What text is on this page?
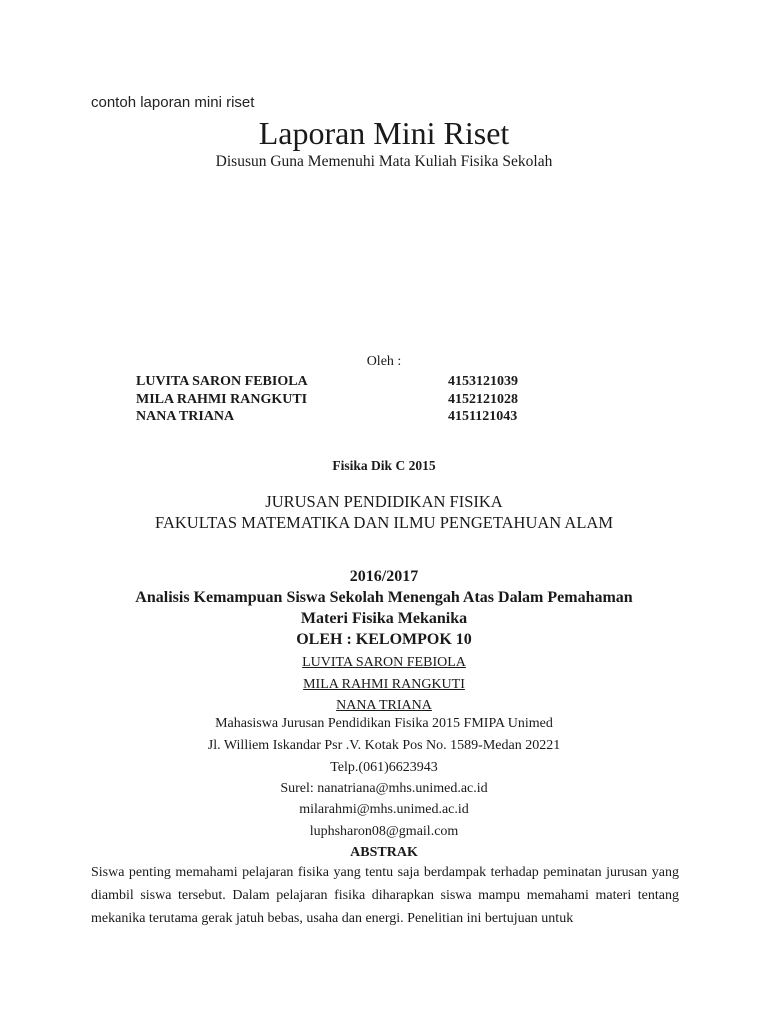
contoh laporan mini riset
Laporan Mini Riset
Disusun Guna Memenuhi Mata Kuliah Fisika Sekolah
Oleh :
LUVITA SARON FEBIOLA	4153121039
MILA RAHMI RANGKUTI	4152121028
NANA TRIANA	4151121043
Fisika Dik C 2015
JURUSAN PENDIDIKAN FISIKA
FAKULTAS MATEMATIKA DAN ILMU PENGETAHUAN ALAM
2016/2017
Analisis Kemampuan Siswa Sekolah Menengah Atas Dalam Pemahaman
Materi Fisika Mekanika
OLEH : KELOMPOK 10
LUVITA SARON FEBIOLA
MILA RAHMI RANGKUTI
NANA TRIANA
Mahasiswa Jurusan Pendidikan Fisika 2015 FMIPA Unimed
Jl. Williem Iskandar Psr .V. Kotak Pos No. 1589-Medan 20221
Telp.(061)6623943
Surel: nanatriana@mhs.unimed.ac.id
milarahmi@mhs.unimed.ac.id
luphsharon08@gmail.com
ABSTRAK
Siswa penting memahami pelajaran fisika yang tentu saja berdampak terhadap peminatan jurusan yang diambil siswa tersebut. Dalam pelajaran fisika diharapkan siswa mampu memahami materi tentang mekanika terutama gerak jatuh bebas, usaha dan energi. Penelitian ini bertujuan untuk
